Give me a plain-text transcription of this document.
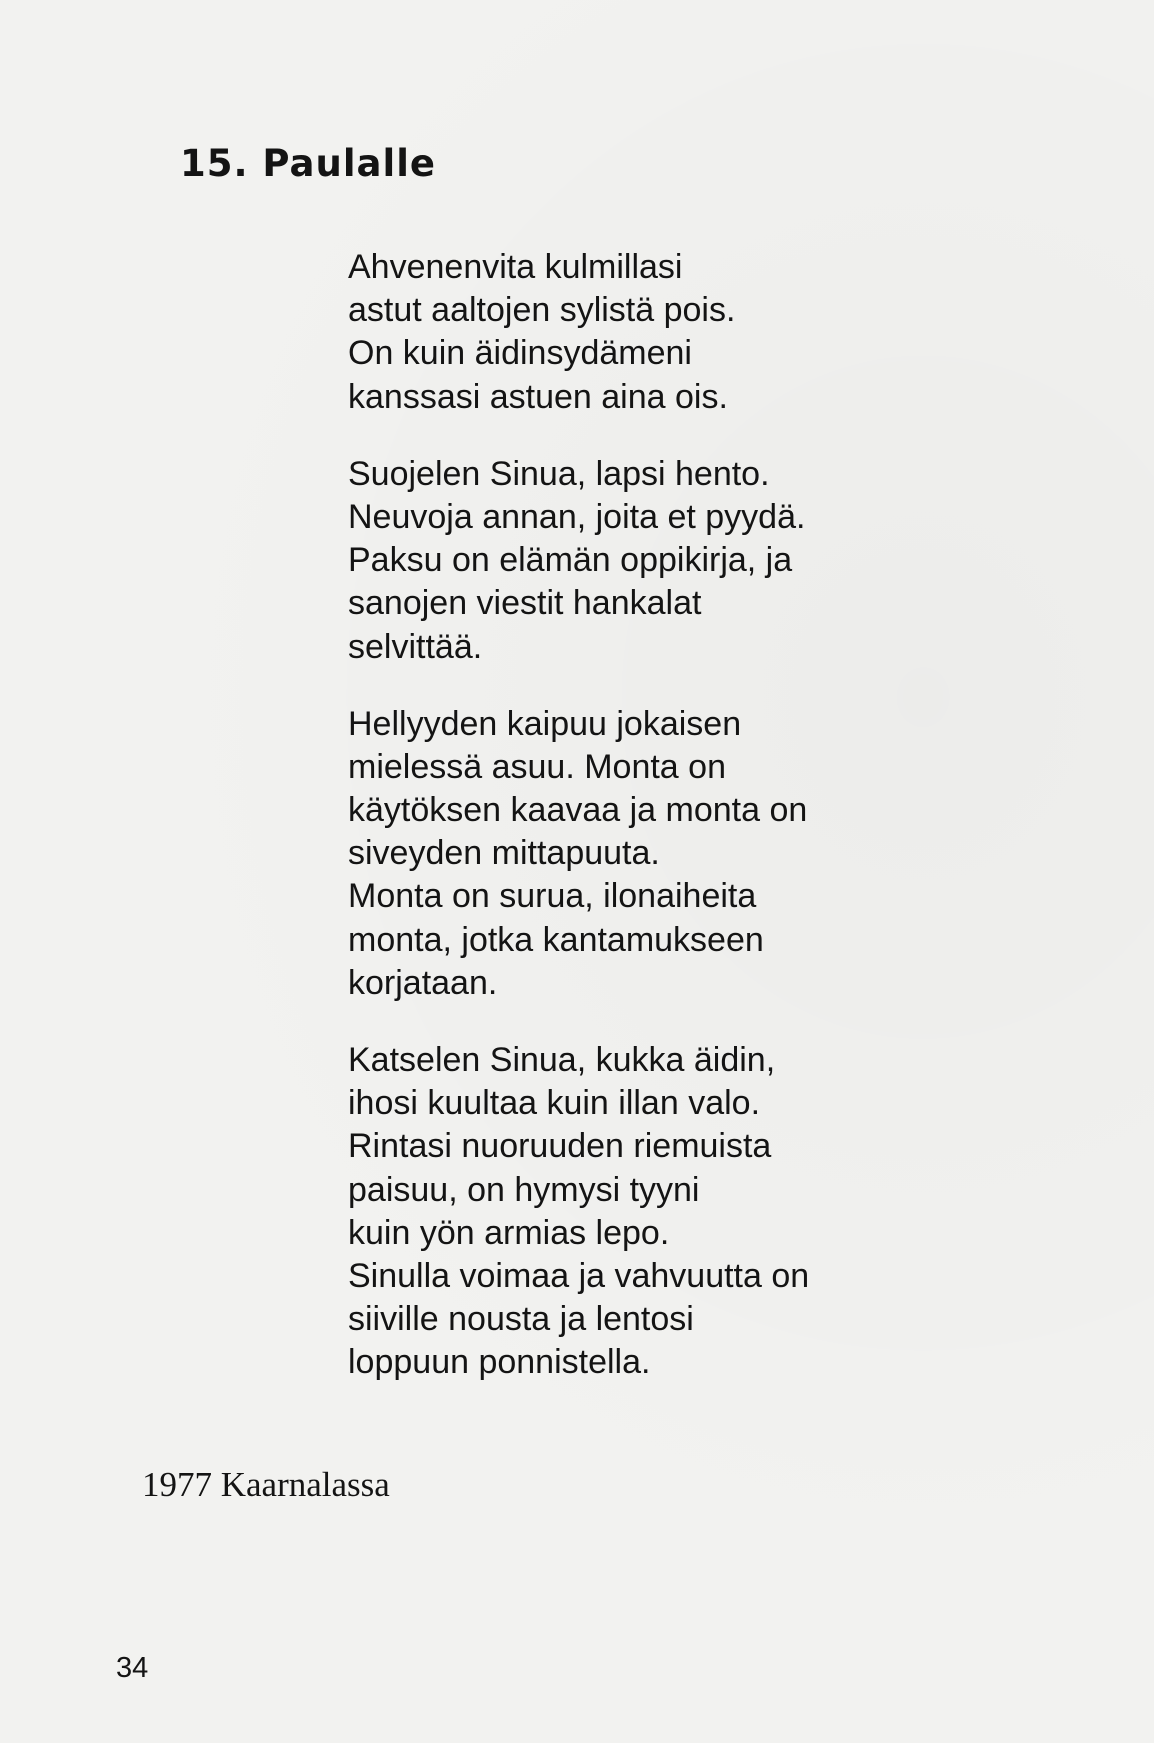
15. Paulalle
Ahvenenvita kulmillasi
astut aaltojen sylistä pois.
On kuin äidinsydämeni
kanssasi astuen aina ois.
Suojelen Sinua, lapsi hento.
Neuvoja annan, joita et pyydä.
Paksu on elämän oppikirja, ja
sanojen viestit hankalat
selvittää.
Hellyyden kaipuu jokaisen
mielessä asuu. Monta on
käytöksen kaavaa ja monta on
siveyden mittapuuta.
Monta on surua, ilonaiheita
monta, jotka kantamukseen
korjataan.
Katselen Sinua, kukka äidin,
ihosi kuultaa kuin illan valo.
Rintasi nuoruuden riemuista
paisuu, on hymysi tyyni
kuin yön armias lepo.
Sinulla voimaa ja vahvuutta on
siiville nousta ja lentosi
loppuun ponnistella.
1977 Kaarnalassa
34
